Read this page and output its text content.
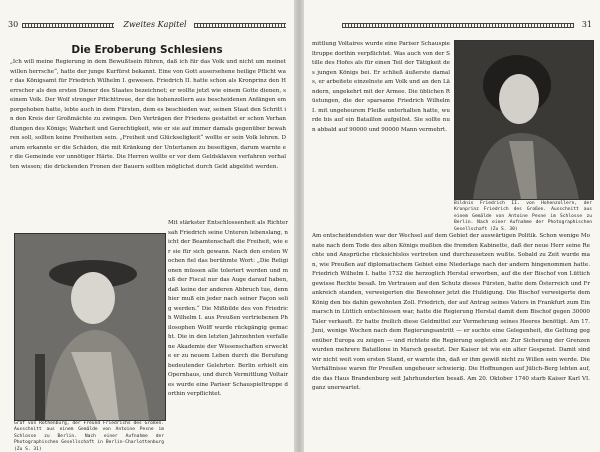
30	Zweites Kapitel
Die Eroberung Schlesiens

„Ich will meine Regierung in dem Bewußtsein führen, daß ich für das Volk und nicht um meinetwillen herrsche“, hatte der junge Kurfürst bekannt. Eine von Gott ausersehene heilige Pflicht war das Königsamt für Friedrich Wilhelm I. gewesen. Friedrich II. hatte schon als Kronprinz den Herrscher als den ersten Diener des Staates bezeichnet; er wollte jetzt wie einem Gotte dienen, seinem Volk. Der Wolf strenger Pflichttreue, der die hohenzollern aus bescheidenen Anfängen emporgehoben hatte, lebte auch in dem Fürsten, dem es beschieden war, seinen Staat den Schritt in den Kreis der Großmächte zu zwingen. Den Verträgen der Friedens gestattet er schon Verhandlungen des Königs; Wahrheit und Gerechtigkeit, wie er sie auf immer damals gegenüber bewahren soll, sollten keine Freiheiten sein. „Freiheit und Glückseligkeit“ wollte er sein Volk lehren. Darum erkannte er die Schäden, die mit Kränkung der Untertanen zu beseitigen, darum warnte er die Gemeinde vor unnötiger Härte. Die Herren wollte er vor dem Geldsklaven verfahren verhalten wissen; die drückenden Fronen der Bauern sollten möglichst durch Geld abgelöst werden.

Graf von Rothenburg, der Freund Friedrichs des Großen. Ausschnitt aus einem Gemälde von Antoine Pesne im Schlosse zu Berlin. Nach einer Aufnahme der Photographischen Gesellschaft in Berlin-Charlottenburg (Zu S. 31)

Mit stärkster Entschlossenheit als Richter sah Friedrich seine Unteren lebenslang, nicht der Beamtenschaft die Freiheit, wie er sie für sich gewann. Nach den ersten Wochen fiel das berühmte Wort: „Die Religionen müssen alle toleriert werden und muß der Fiscal nur das Auge darauf haben, daß keine der anderen Abbruch tue, denn hier muß ein jeder nach seiner Façon selig werden.“ Die Mißbilde des von Friedrich Wilhelm I. aus Preußen vertriebenen Philosophen Wolff wurde rückgängig gemacht. Die in den letzten Jahrzehnten verfallene Akademie der Wissenschaften erweckte er zu neuem Leben durch die Berufung bedeutender Gelehrter. Berlin erhielt ein Opernhaus, und durch Vermittlung Voltaires wurde eine Pariser Schauspieltruppe dorthin verpflichtet.

31

mittlung Voltaires wurde eine Pariser Schauspieltruppe dorthin verpflichtet. Was auch von der Stille des Hofes als für einen Teil der Tätigkeit des jungen Königs bei. Er schließ äußerste damals, er arbeitete einzelnste am Volk und an den Ländern, ungekehrt mit der Armee. Die üblichen Rüstungen, die der sparsame Friedrich Wilhelm I. mit ungeheurem Fleiße unterhalten hatte, wurde bis auf ein Bataillon aufgelöst. Sie sollte nun abbald auf 90000 und 90000 Mann vermehrt.

Bildnis Friedrich II. von Hohenzollern, der Kronprinz Friedrich des Großen. Ausschnitt aus einem Gemälde von Antoine Pesne im Schlosse zu Berlin. Nach einer Aufnahme der Photographischen Gesellschaft (Zu S. 30)

Am entscheidendsten war der Wechsel auf dem Gebiet der auswärtigen Politik. Schon wenige Monate nach dem Tode des alten Königs mußten die fremden Kabinette, daß der neue Herr seine Rechte und Ansprüche rücksichtslos vertreten und durchzusetzen wußte. Sobald zu Zeit wurde man, wie Preußen auf diplomatischem Gebiet eine Niederlage nach der andern hingenommen hatte. Friedrich Wilhelm I. hatte 1732 die herzoglich Herstal erworben, auf die der Bischof von Lüttich gewisse Rechte besaß. Im Vertrauen auf den Schutz dieses Fürsten, hatte dem Österreich und Frankreich standen, verweigerten die Bewohner jetzt die Huldigung. Die Bischof verweigerte dem König den bis dahin gewohnten Zoll. Friedrich, der auf Antrag seines Vaters in Frankfurt zum Einmarsch in Lüttich entschlossen war, hatte die Regierung Herstal damit dem Bischof gegen 30000 Taler verkauft. Er hatte freilich diese Geldmittel zur Vermehrung seines Heeres benötigt. Am 17. Juni, wenige Wochen nach dem Regierungsantritt — er suchte eine Gelegenheit, die Geltung gegenüber Europa zu zeigen — und richtete die Regierung sogleich an: Zur Sicherung der Grenzen wurden mehrere Bataillone in Marsch gesetzt. Der Kaiser ist wie ein alter Gespenst. Damit sind wir nicht weit vom ersten Stand, er warnte ihn, daß er ihm gewiß nicht zu Willen sein werde. Die Verhältnisse waren für Preußen ungeheuer schwierig. Die Hoffnungen auf Jülich-Berg lebten auf, die das Haus Brandenburg seit Jahrhunderten besaß. Am 20. Oktober 1740 starb Kaiser Karl VI. ganz unerwartet.
